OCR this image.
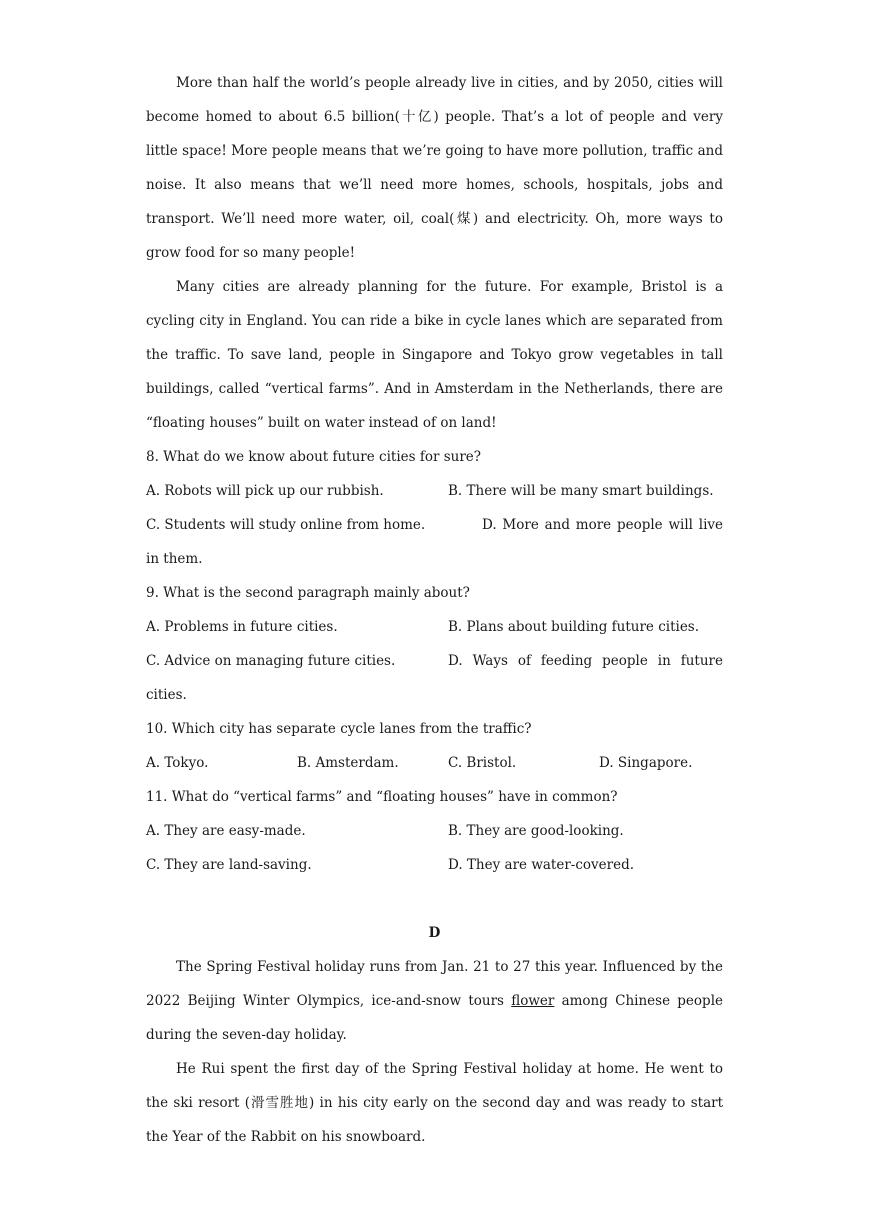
More than half the world’s people already live in cities, and by 2050, cities will become homed to about 6.5 billion(十亿) people. That’s a lot of people and very little space! More people means that we’re going to have more pollution, traffic and noise. It also means that we’ll need more homes, schools, hospitals, jobs and transport. We’ll need more water, oil, coal(煤) and electricity. Oh, more ways to grow food for so many people!

Many cities are already planning for the future. For example, Bristol is a cycling city in England. You can ride a bike in cycle lanes which are separated from the traffic. To save land, people in Singapore and Tokyo grow vegetables in tall buildings, called “vertical farms”. And in Amsterdam in the Netherlands, there are “floating houses” built on water instead of on land!

8. What do we know about future cities for sure?

A. Robots will pick up our rubbish.	B. There will be many smart buildings.
C. Students will study online from home.	D. More and more people will live in them.

9. What is the second paragraph mainly about?

A. Problems in future cities.	B. Plans about building future cities.
C. Advice on managing future cities.	D. Ways of feeding people in future cities.

10. Which city has separate cycle lanes from the traffic?

A. Tokyo.	B. Amsterdam.	C. Bristol.	D. Singapore.

11. What do “vertical farms” and “floating houses” have in common?

A. They are easy-made.	B. They are good-looking.
C. They are land-saving.	D. They are water-covered.

D

The Spring Festival holiday runs from Jan. 21 to 27 this year. Influenced by the 2022 Beijing Winter Olympics, ice-and-snow tours flower among Chinese people during the seven-day holiday.

He Rui spent the first day of the Spring Festival holiday at home. He went to the ski resort (滑雪胜地) in his city early on the second day and was ready to start the Year of the Rabbit on his snowboard.
